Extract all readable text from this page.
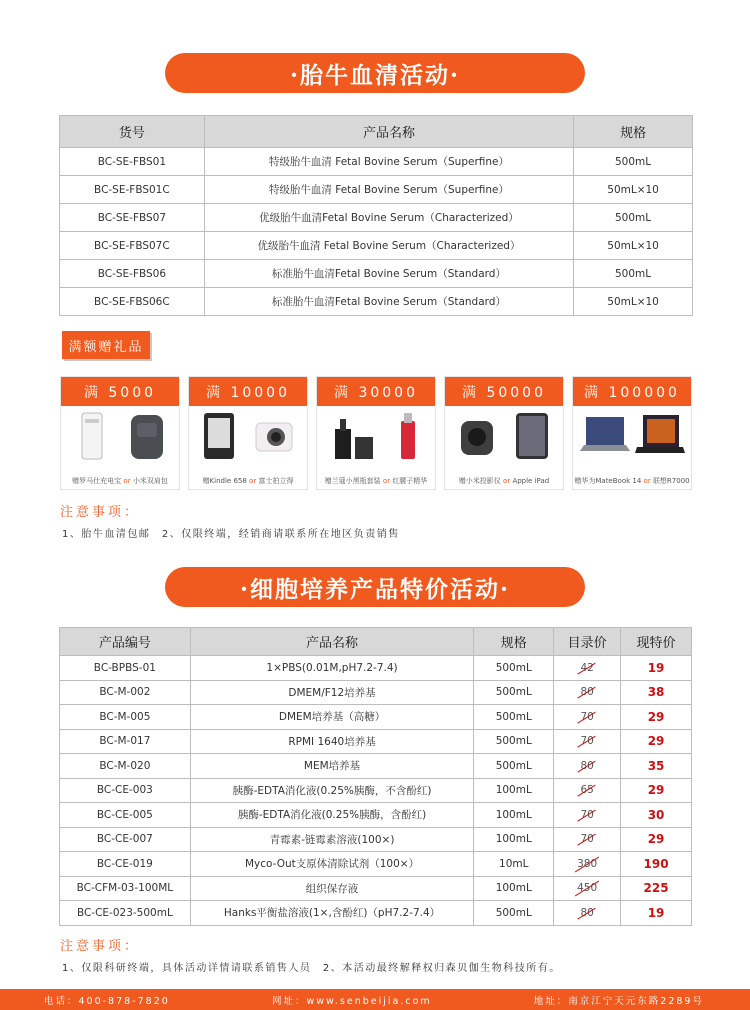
·胎牛血清活动·
货号	产品名称	规格
BC-SE-FBS01	特级胎牛血清 Fetal Bovine Serum（Superfine）	500mL
BC-SE-FBS01C	特级胎牛血清 Fetal Bovine Serum（Superfine）	50mL×10
BC-SE-FBS07	优级胎牛血清Fetal Bovine Serum（Characterized）	500mL
BC-SE-FBS07C	优级胎牛血清 Fetal Bovine Serum（Characterized）	50mL×10
BC-SE-FBS06	标准胎牛血清Fetal Bovine Serum（Standard）	500mL
BC-SE-FBS06C	标准胎牛血清Fetal Bovine Serum（Standard）	50mL×10
满额赠礼品
满 5000
赠罗马仕充电宝 or 小米双肩包
满 10000
赠Kindle 658 or 富士拍立得
满 30000
赠兰蔻小黑瓶套装 or 红腰子精华
满 50000
赠小米投影仪 or Apple iPad
满 100000
赠华为MateBook 14 or 联想R7000
注意事项：
1、胎牛血清包邮　2、仅限终端，经销商请联系所在地区负责销售
·细胞培养产品特价活动·
产品编号	产品名称	规格	目录价	现特价
BC-BPBS-01	1×PBS(0.01M,pH7.2-7.4)	500mL	42	19
BC-M-002	DMEM/F12培养基	500mL	80	38
BC-M-005	DMEM培养基（高糖）	500mL	70	29
BC-M-017	RPMI 1640培养基	500mL	70	29
BC-M-020	MEM培养基	500mL	80	35
BC-CE-003	胰酶-EDTA消化液(0.25%胰酶，不含酚红)	100mL	65	29
BC-CE-005	胰酶-EDTA消化液(0.25%胰酶，含酚红)	100mL	70	30
BC-CE-007	青霉素-链霉素溶液(100×)	100mL	70	29
BC-CE-019	Myco-Out支原体清除试剂（100×）	10mL	380	190
BC-CFM-03-100ML	组织保存液	100mL	450	225
BC-CE-023-500mL	Hanks平衡盐溶液(1×,含酚红)（pH7.2-7.4）	500mL	80	19
注意事项：
1、仅限科研终端，具体活动详情请联系销售人员　2、本活动最终解释权归森贝伽生物科技所有。
电话：400-878-7820	网址：www.senbeijia.com	地址：南京江宁天元东路2289号
